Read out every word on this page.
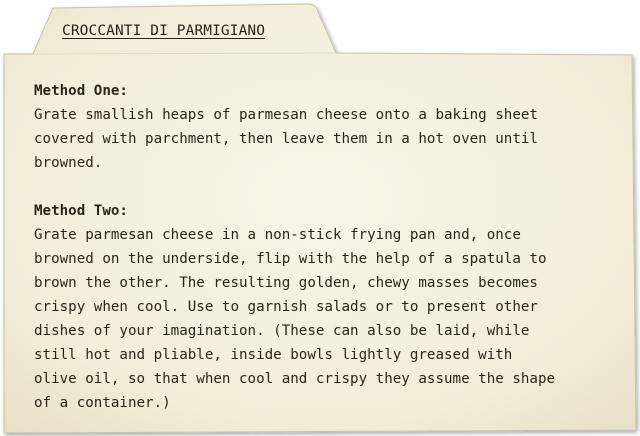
CROCCANTI DI PARMIGIANO

Method One:

Grate smallish heaps of parmesan cheese onto a baking sheet
covered with parchment, then leave them in a hot oven until
browned.

Method Two:

Grate parmesan cheese in a non-stick frying pan and, once
browned on the underside, flip with the help of a spatula to
brown the other. The resulting golden, chewy masses becomes
crispy when cool. Use to garnish salads or to present other
dishes of your imagination. (These can also be laid, while
still hot and pliable, inside bowls lightly greased with
olive oil, so that when cool and crispy they assume the shape
of a container.)
